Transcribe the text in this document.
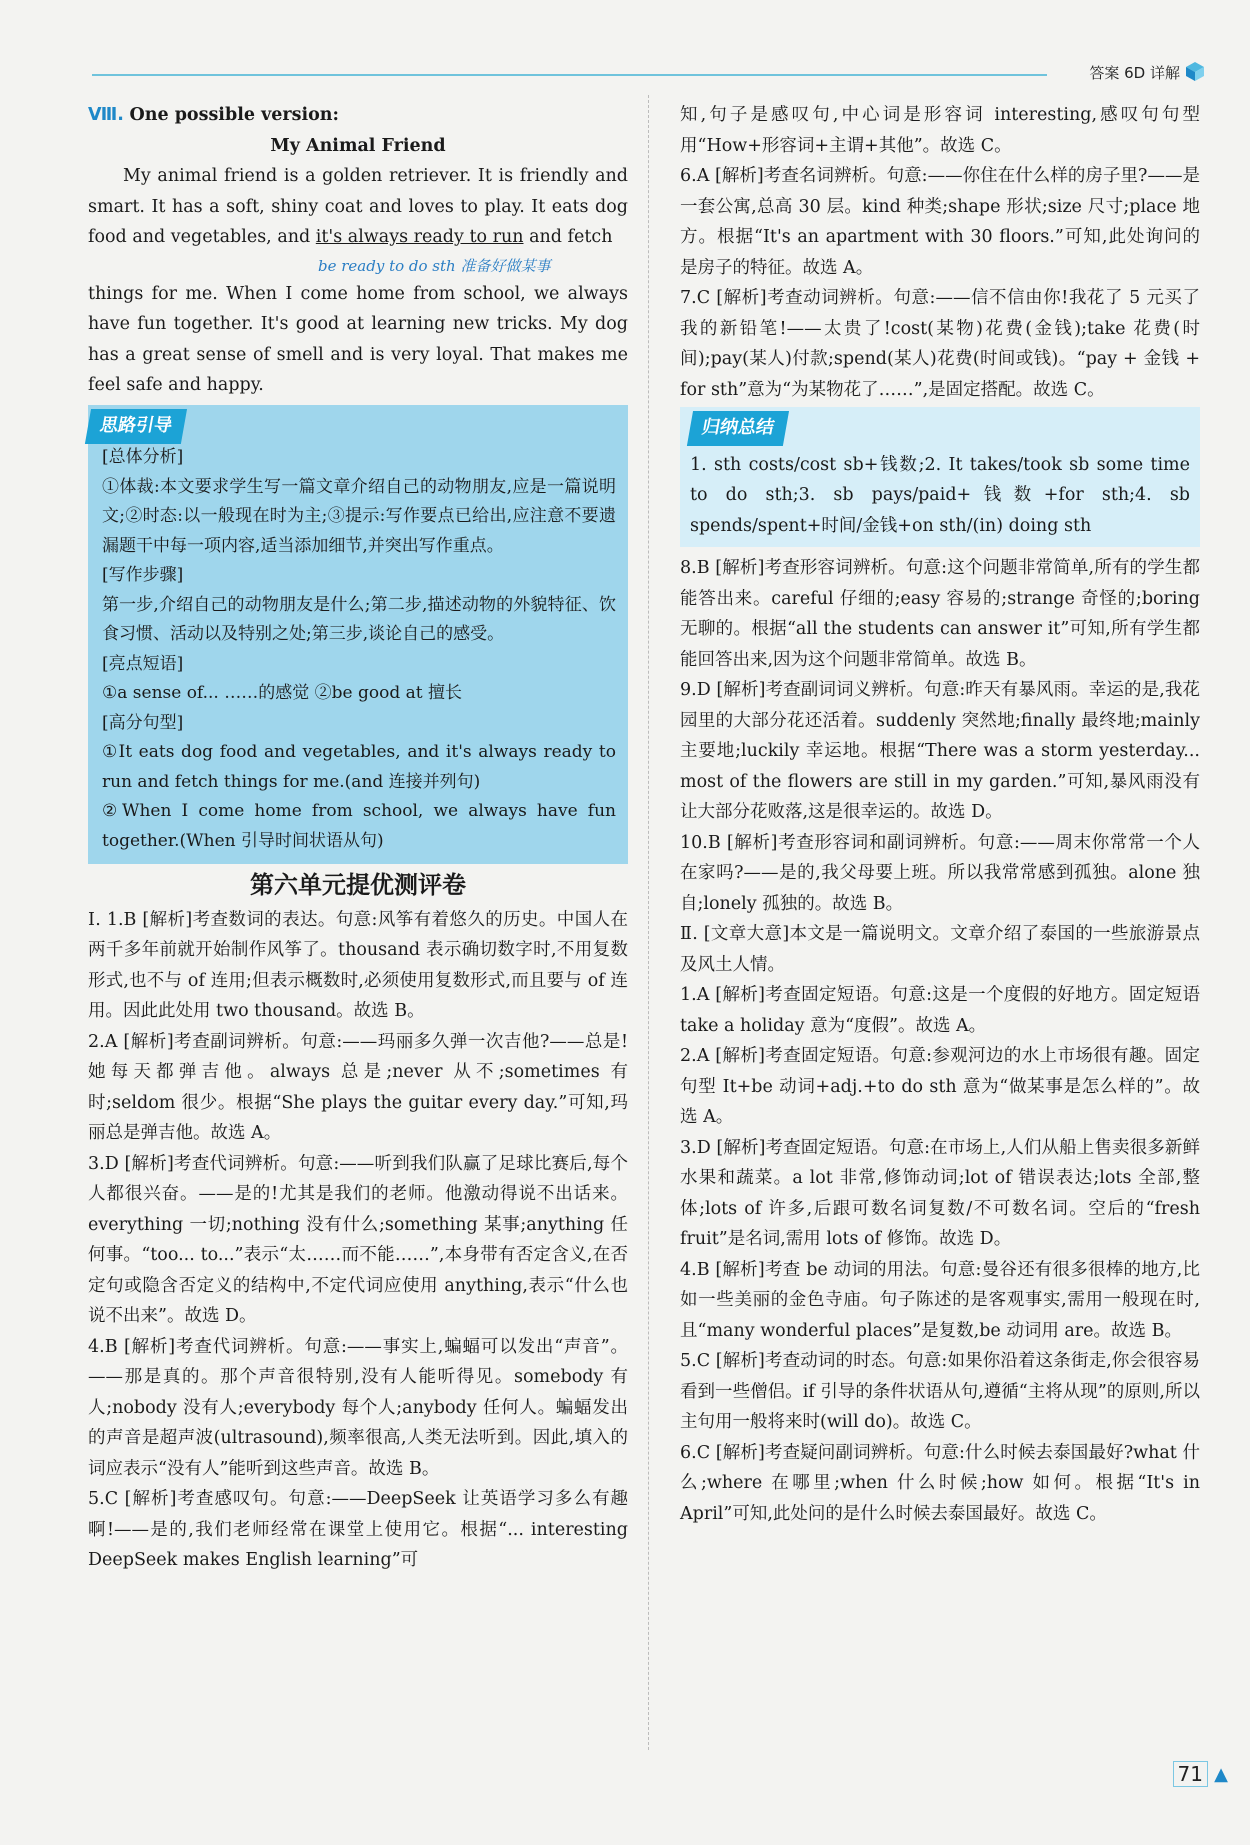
答案 6D 详解

Ⅷ. One possible version:

My Animal Friend

My animal friend is a golden retriever. It is friendly and smart. It has a soft, shiny coat and loves to play. It eats dog food and vegetables, and it's always ready to run and fetch

be ready to do sth 准备好做某事

things for me. When I come home from school, we always have fun together. It's good at learning new tricks. My dog has a great sense of smell and is very loyal. That makes me feel safe and happy.

思路引导

[总体分析]

①体裁:本文要求学生写一篇文章介绍自己的动物朋友,应是一篇说明文;②时态:以一般现在时为主;③提示:写作要点已给出,应注意不要遗漏题干中每一项内容,适当添加细节,并突出写作重点。

[写作步骤]

第一步,介绍自己的动物朋友是什么;第二步,描述动物的外貌特征、饮食习惯、活动以及特别之处;第三步,谈论自己的感受。

[亮点短语]

①a sense of... ……的感觉 ②be good at 擅长

[高分句型]

①It eats dog food and vegetables, and it's always ready to run and fetch things for me.(and 连接并列句)

②When I come home from school, we always have fun together.(When 引导时间状语从句)

第六单元提优测评卷

Ⅰ. 1.B [解析]考查数词的表达。句意:风筝有着悠久的历史。中国人在两千多年前就开始制作风筝了。thousand 表示确切数字时,不用复数形式,也不与 of 连用;但表示概数时,必须使用复数形式,而且要与 of 连用。因此此处用 two thousand。故选 B。

2.A [解析]考查副词辨析。句意:——玛丽多久弹一次吉他?——总是!她每天都弹吉他。always 总是;never 从不;sometimes 有时;seldom 很少。根据“She plays the guitar every day.”可知,玛丽总是弹吉他。故选 A。

3.D [解析]考查代词辨析。句意:——听到我们队赢了足球比赛后,每个人都很兴奋。——是的!尤其是我们的老师。他激动得说不出话来。everything 一切;nothing 没有什么;something 某事;anything 任何事。“too... to...”表示“太……而不能……”,本身带有否定含义,在否定句或隐含否定义的结构中,不定代词应使用 anything,表示“什么也说不出来”。故选 D。

4.B [解析]考查代词辨析。句意:——事实上,蝙蝠可以发出“声音”。——那是真的。那个声音很特别,没有人能听得见。somebody 有人;nobody 没有人;everybody 每个人;anybody 任何人。蝙蝠发出的声音是超声波(ultrasound),频率很高,人类无法听到。因此,填入的词应表示“没有人”能听到这些声音。故选 B。

5.C [解析]考查感叹句。句意:——DeepSeek 让英语学习多么有趣啊!——是的,我们老师经常在课堂上使用它。根据“... interesting DeepSeek makes English learning”可

知,句子是感叹句,中心词是形容词 interesting,感叹句句型用“How+形容词+主谓+其他”。故选 C。

6.A [解析]考查名词辨析。句意:——你住在什么样的房子里?——是一套公寓,总高 30 层。kind 种类;shape 形状;size 尺寸;place 地方。根据“It's an apartment with 30 floors.”可知,此处询问的是房子的特征。故选 A。

7.C [解析]考查动词辨析。句意:——信不信由你!我花了 5 元买了我的新铅笔!——太贵了!cost(某物)花费(金钱);take 花费(时间);pay(某人)付款;spend(某人)花费(时间或钱)。“pay + 金钱 + for sth”意为“为某物花了……”,是固定搭配。故选 C。

归纳总结

1. sth costs/cost sb+钱数;2. It takes/took sb some time to do sth;3. sb pays/paid+钱数+for sth;4. sb spends/spent+时间/金钱+on sth/(in) doing sth

8.B [解析]考查形容词辨析。句意:这个问题非常简单,所有的学生都能答出来。careful 仔细的;easy 容易的;strange 奇怪的;boring 无聊的。根据“all the students can answer it”可知,所有学生都能回答出来,因为这个问题非常简单。故选 B。

9.D [解析]考查副词词义辨析。句意:昨天有暴风雨。幸运的是,我花园里的大部分花还活着。suddenly 突然地;finally 最终地;mainly 主要地;luckily 幸运地。根据“There was a storm yesterday... most of the flowers are still in my garden.”可知,暴风雨没有让大部分花败落,这是很幸运的。故选 D。

10.B [解析]考查形容词和副词辨析。句意:——周末你常常一个人在家吗?——是的,我父母要上班。所以我常常感到孤独。alone 独自;lonely 孤独的。故选 B。

Ⅱ. [文章大意]本文是一篇说明文。文章介绍了泰国的一些旅游景点及风土人情。

1.A [解析]考查固定短语。句意:这是一个度假的好地方。固定短语 take a holiday 意为“度假”。故选 A。

2.A [解析]考查固定短语。句意:参观河边的水上市场很有趣。固定句型 It+be 动词+adj.+to do sth 意为“做某事是怎么样的”。故选 A。

3.D [解析]考查固定短语。句意:在市场上,人们从船上售卖很多新鲜水果和蔬菜。a lot 非常,修饰动词;lot of 错误表达;lots 全部,整体;lots of 许多,后跟可数名词复数/不可数名词。空后的“fresh fruit”是名词,需用 lots of 修饰。故选 D。

4.B [解析]考查 be 动词的用法。句意:曼谷还有很多很棒的地方,比如一些美丽的金色寺庙。句子陈述的是客观事实,需用一般现在时,且“many wonderful places”是复数,be 动词用 are。故选 B。

5.C [解析]考查动词的时态。句意:如果你沿着这条街走,你会很容易看到一些僧侣。if 引导的条件状语从句,遵循“主将从现”的原则,所以主句用一般将来时(will do)。故选 C。

6.C [解析]考查疑问副词辨析。句意:什么时候去泰国最好?what 什么;where 在哪里;when 什么时候;how 如何。根据“It's in April”可知,此处问的是什么时候去泰国最好。故选 C。

71 ▲
